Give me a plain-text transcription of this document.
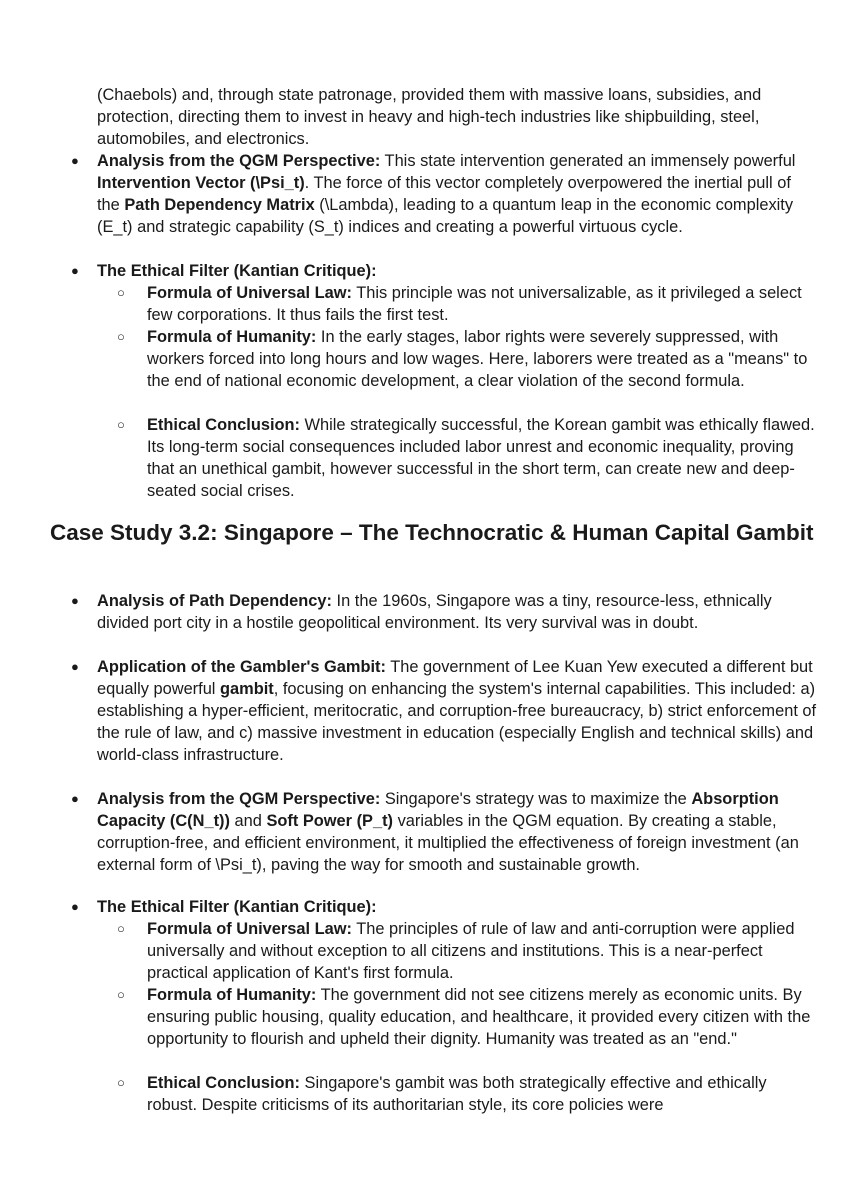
(Chaebols) and, through state patronage, provided them with massive loans, subsidies, and protection, directing them to invest in heavy and high-tech industries like shipbuilding, steel, automobiles, and electronics.
● Analysis from the QGM Perspective: This state intervention generated an immensely powerful Intervention Vector (\Psi_t). The force of this vector completely overpowered the inertial pull of the Path Dependency Matrix (\Lambda), leading to a quantum leap in the economic complexity (E_t) and strategic capability (S_t) indices and creating a powerful virtuous cycle.
● The Ethical Filter (Kantian Critique):
○ Formula of Universal Law: This principle was not universalizable, as it privileged a select few corporations. It thus fails the first test.
○ Formula of Humanity: In the early stages, labor rights were severely suppressed, with workers forced into long hours and low wages. Here, laborers were treated as a "means" to the end of national economic development, a clear violation of the second formula.
○ Ethical Conclusion: While strategically successful, the Korean gambit was ethically flawed. Its long-term social consequences included labor unrest and economic inequality, proving that an unethical gambit, however successful in the short term, can create new and deep-seated social crises.
Case Study 3.2: Singapore – The Technocratic & Human Capital Gambit
● Analysis of Path Dependency: In the 1960s, Singapore was a tiny, resource-less, ethnically divided port city in a hostile geopolitical environment. Its very survival was in doubt.
● Application of the Gambler's Gambit: The government of Lee Kuan Yew executed a different but equally powerful gambit, focusing on enhancing the system's internal capabilities. This included: a) establishing a hyper-efficient, meritocratic, and corruption-free bureaucracy, b) strict enforcement of the rule of law, and c) massive investment in education (especially English and technical skills) and world-class infrastructure.
● Analysis from the QGM Perspective: Singapore's strategy was to maximize the Absorption Capacity (C(N_t)) and Soft Power (P_t) variables in the QGM equation. By creating a stable, corruption-free, and efficient environment, it multiplied the effectiveness of foreign investment (an external form of \Psi_t), paving the way for smooth and sustainable growth.
● The Ethical Filter (Kantian Critique):
○ Formula of Universal Law: The principles of rule of law and anti-corruption were applied universally and without exception to all citizens and institutions. This is a near-perfect practical application of Kant's first formula.
○ Formula of Humanity: The government did not see citizens merely as economic units. By ensuring public housing, quality education, and healthcare, it provided every citizen with the opportunity to flourish and upheld their dignity. Humanity was treated as an "end."
○ Ethical Conclusion: Singapore's gambit was both strategically effective and ethically robust. Despite criticisms of its authoritarian style, its core policies were
